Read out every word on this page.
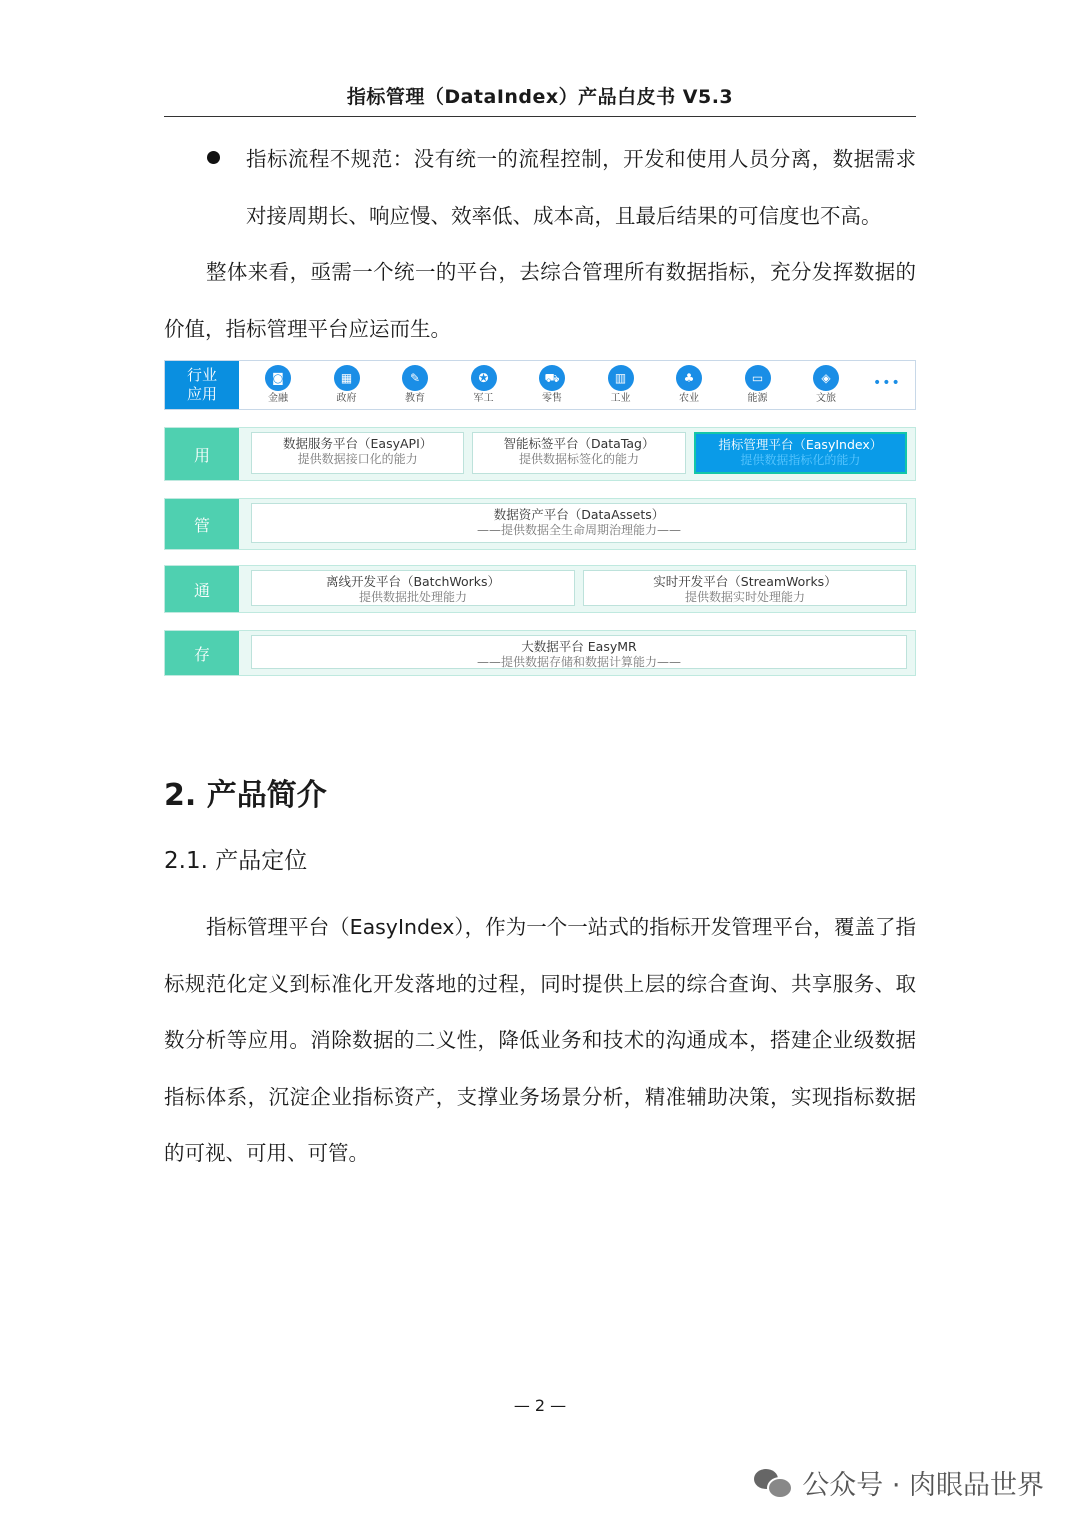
指标管理（DataIndex）产品白皮书 V5.3

指标流程不规范：没有统一的流程控制，开发和使用人员分离，数据需求对接周期长、响应慢、效率低、成本高，且最后结果的可信度也不高。

整体来看，亟需一个统一的平台，去综合管理所有数据指标，充分发挥数据的价值，指标管理平台应运而生。

行业
应用
◙
金融
▦
政府
✎
教育
✪
军工
⛟
零售
▥
工业
♣
农业
▭
能源
◈
文旅
•••
用
数据服务平台（EasyAPI）
提供数据接口化的能力
智能标签平台（DataTag）
提供数据标签化的能力
指标管理平台（EasyIndex）
提供数据指标化的能力
管
数据资产平台（DataAssets）
——提供数据全生命周期治理能力——
通	离线开发平台（BatchWorks）
提供数据批处理能力
实时开发平台（StreamWorks）
提供数据实时处理能力
存	大数据平台 EasyMR
——提供数据存储和数据计算能力——
2. 产品简介
2.1. 产品定位

指标管理平台（EasyIndex），作为一个一站式的指标开发管理平台，覆盖了指标规范化定义到标准化开发落地的过程，同时提供上层的综合查询、共享服务、取数分析等应用。消除数据的二义性，降低业务和技术的沟通成本，搭建企业级数据指标体系，沉淀企业指标资产，支撑业务场景分析，精准辅助决策，实现指标数据的可视、可用、可管。

— 2 —
公众号 · 肉眼品世界
